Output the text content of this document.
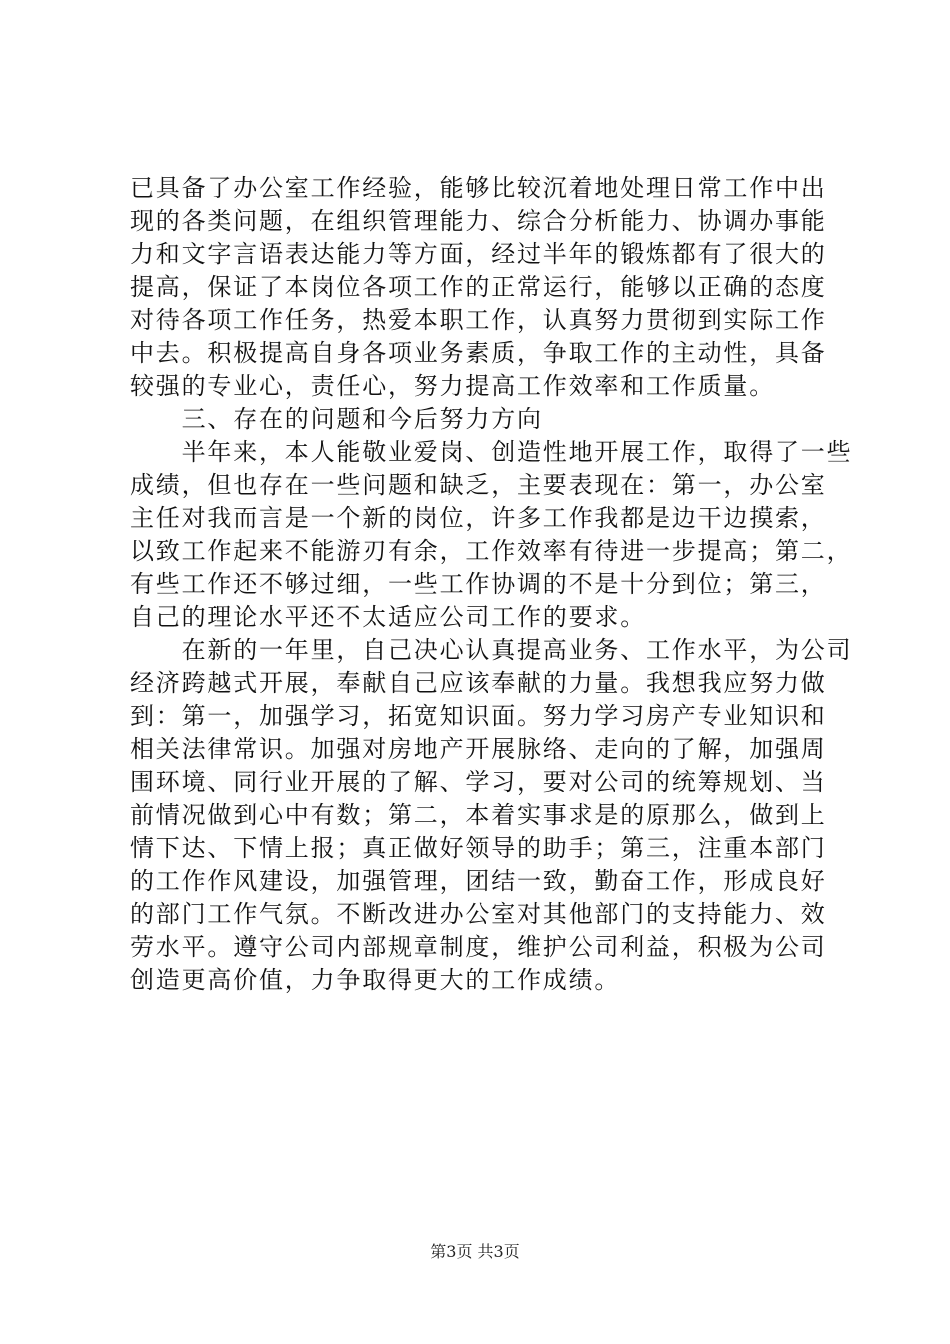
已具备了办公室工作经验，能够比较沉着地处理日常工作中出
现的各类问题，在组织管理能力、综合分析能力、协调办事能
力和文字言语表达能力等方面，经过半年的锻炼都有了很大的
提高，保证了本岗位各项工作的正常运行，能够以正确的态度
对待各项工作任务，热爱本职工作，认真努力贯彻到实际工作
中去。积极提高自身各项业务素质，争取工作的主动性，具备
较强的专业心，责任心，努力提高工作效率和工作质量。
　　三、存在的问题和今后努力方向
　　半年来，本人能敬业爱岗、创造性地开展工作，取得了一些
成绩，但也存在一些问题和缺乏，主要表现在：第一，办公室
主任对我而言是一个新的岗位，许多工作我都是边干边摸索，
以致工作起来不能游刃有余，工作效率有待进一步提高；第二，
有些工作还不够过细，一些工作协调的不是十分到位；第三，
自己的理论水平还不太适应公司工作的要求。
　　在新的一年里，自己决心认真提高业务、工作水平，为公司
经济跨越式开展，奉献自己应该奉献的力量。我想我应努力做
到：第一，加强学习，拓宽知识面。努力学习房产专业知识和
相关法律常识。加强对房地产开展脉络、走向的了解，加强周
围环境、同行业开展的了解、学习，要对公司的统筹规划、当
前情况做到心中有数；第二，本着实事求是的原那么，做到上
情下达、下情上报；真正做好领导的助手；第三，注重本部门
的工作作风建设，加强管理，团结一致，勤奋工作，形成良好
的部门工作气氛。不断改进办公室对其他部门的支持能力、效
劳水平。遵守公司内部规章制度，维护公司利益，积极为公司
创造更高价值，力争取得更大的工作成绩。
第3页 共3页
